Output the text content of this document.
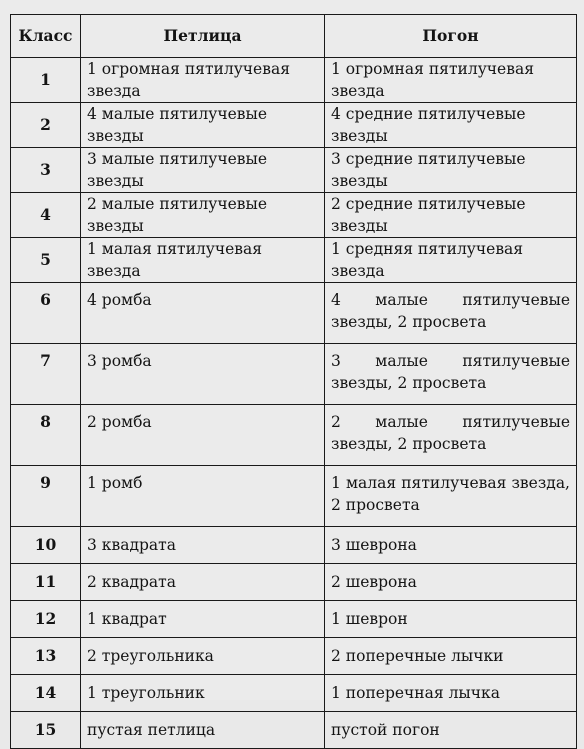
Класс	Петлица	Погон
1	1 огромная пятилучевая звезда	1 огромная пятилучевая звезда
2	4 малые пятилучевые звезды	4 средние пятилучевые звезды
3	3 малые пятилучевые звезды	3 средние пятилучевые звезды
4	2 малые пятилучевые звезды	2 средние пятилучевые звезды
5	1 малая пятилучевая звезда	1 средняя пятилучевая звезда
6	4 ромба	4 малые пятилучевые звезды, 2 просвета
7	3 ромба	3 малые пятилучевые звезды, 2 просвета
8	2 ромба	2 малые пятилучевые звезды, 2 просвета
9	1 ромб	1 малая пятилучевая звезда, 2 просвета
10	3 квадрата	3 шеврона
11	2 квадрата	2 шеврона
12	1 квадрат	1 шеврон
13	2 треугольника	2 поперечные лычки
14	1 треугольник	1 поперечная лычка
15	пустая петлица	пустой погон
